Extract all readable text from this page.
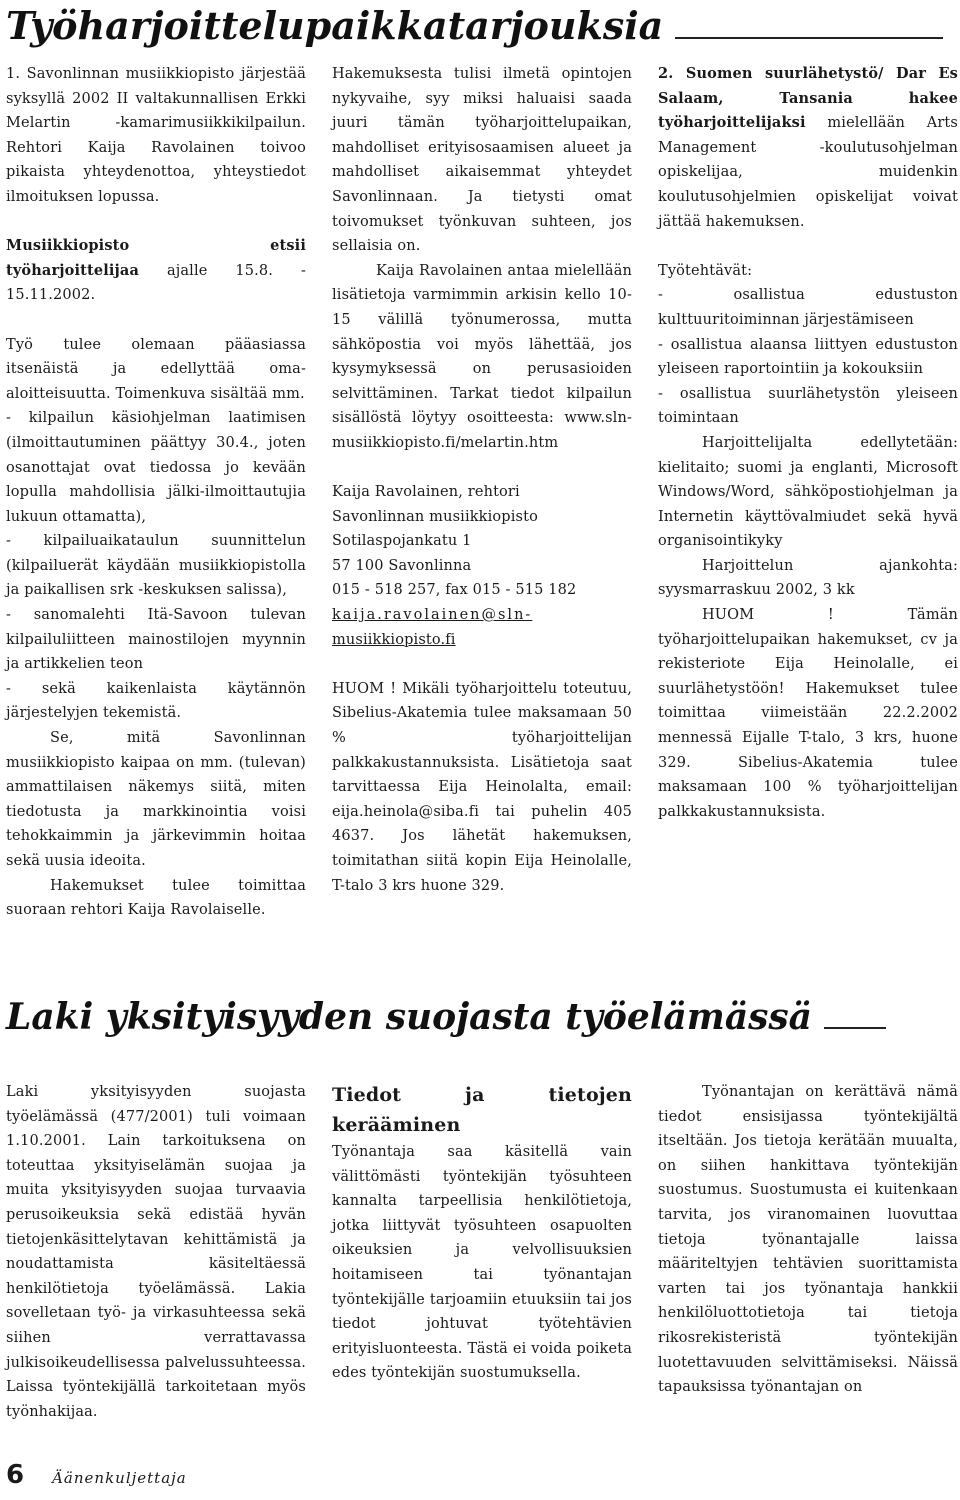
Työharjoittelupaikkatarjouksia

1. Savonlinnan musiikkiopisto järjestää syksyllä 2002 II valtakunnallisen Erkki Melartin -kamarimusiikkikilpailun. Rehtori Kaija Ravolainen toivoo pikaista yhteydenottoa, yhteystiedot ilmoituksen lopussa.

Musiikkiopisto etsii työharjoittelijaa ajalle 15.8. - 15.11.2002.

Työ tulee olemaan pääasiassa itsenäistä ja edellyttää oma-aloitteisuutta. Toimenkuva sisältää mm.

- kilpailun käsiohjelman laatimisen (ilmoittautuminen päättyy 30.4., joten osanottajat ovat tiedossa jo kevään lopulla mahdollisia jälki-ilmoittautujia lukuun ottamatta),

- kilpailuaikataulun suunnittelun (kilpailuerät käydään musiikkiopistolla ja paikallisen srk -keskuksen salissa),

- sanomalehti Itä-Savoon tulevan kilpailuliitteen mainostilojen myynnin ja artikkelien teon

- sekä kaikenlaista käytännön järjestelyjen tekemistä.

Se, mitä Savonlinnan musiikkiopisto kaipaa on mm. (tulevan) ammattilaisen näkemys siitä, miten tiedotusta ja markkinointia voisi tehokkaimmin ja järkevimmin hoitaa sekä uusia ideoita.

Hakemukset tulee toimittaa suoraan rehtori Kaija Ravolaiselle.

Hakemuksesta tulisi ilmetä opintojen nykyvaihe, syy miksi haluaisi saada juuri tämän työharjoittelupaikan, mahdolliset erityisosaamisen alueet ja mahdolliset aikaisemmat yhteydet Savonlinnaan. Ja tietysti omat toivomukset työnkuvan suhteen, jos sellaisia on.

Kaija Ravolainen antaa mielellään lisätietoja varmimmin arkisin kello 10-15 välillä työnumerossa, mutta sähköpostia voi myös lähettää, jos kysymyksessä on perusasioiden selvittäminen. Tarkat tiedot kilpailun sisällöstä löytyy osoitteesta: www.sln-musiikkiopisto.fi/melartin.htm

Kaija Ravolainen, rehtori

Savonlinnan musiikkiopisto

Sotilaspojankatu 1

57 100 Savonlinna

015 - 518 257, fax 015 - 515 182

kaija.ravolainen@sln-

musiikkiopisto.fi

HUOM ! Mikäli työharjoittelu toteutuu, Sibelius-Akatemia tulee maksamaan 50 % työharjoittelijan palkkakustannuksista. Lisätietoja saat tarvittaessa Eija Heinolalta, email: eija.heinola@siba.fi tai puhelin 405 4637. Jos lähetät hakemuksen, toimitathan siitä kopin Eija Heinolalle, T-talo 3 krs huone 329.

2. Suomen suurlähetystö/ Dar Es Salaam, Tansania hakee työharjoittelijaksi mielellään Arts Management -koulutusohjelman opiskelijaa, muidenkin koulutusohjelmien opiskelijat voivat jättää hakemuksen.

Työtehtävät:

- osallistua edustuston kulttuuritoiminnan järjestämiseen

- osallistua alaansa liittyen edustuston yleiseen raportointiin ja kokouksiin

- osallistua suurlähetystön yleiseen toimintaan

Harjoittelijalta edellytetään: kielitaito; suomi ja englanti, Microsoft Windows/Word, sähköpostiohjelman ja Internetin käyttövalmiudet sekä hyvä organisointikyky

Harjoittelun ajankohta: syysmarraskuu 2002, 3 kk

HUOM ! Tämän työharjoittelupaikan hakemukset, cv ja rekisteriote Eija Heinolalle, ei suurlähetystöön! Hakemukset tulee toimittaa viimeistään 22.2.2002 mennessä Eijalle T-talo, 3 krs, huone 329. Sibelius-Akatemia tulee maksamaan 100 % työharjoittelijan palkkakustannuksista.

Laki yksityisyyden suojasta työelämässä

Laki yksityisyyden suojasta työelämässä (477/2001) tuli voimaan 1.10.2001. Lain tarkoituksena on toteuttaa yksityiselämän suojaa ja muita yksityisyyden suojaa turvaavia perusoikeuksia sekä edistää hyvän tietojenkäsittelytavan kehittämistä ja noudattamista käsiteltäessä henkilötietoja työelämässä. Lakia sovelletaan työ- ja virkasuhteessa sekä siihen verrattavassa julkisoikeudellisessa palvelussuhteessa. Laissa työntekijällä tarkoitetaan myös työnhakijaa.

Tiedot ja tietojen kerääminen

Työnantaja saa käsitellä vain välittömästi työntekijän työsuhteen kannalta tarpeellisia henkilötietoja, jotka liittyvät työsuhteen osapuolten oikeuksien ja velvollisuuksien hoitamiseen tai työnantajan työntekijälle tarjoamiin etuuksiin tai jos tiedot johtuvat työtehtävien erityisluonteesta. Tästä ei voida poiketa edes työntekijän suostumuksella.

Työnantajan on kerättävä nämä tiedot ensisijassa työntekijältä itseltään. Jos tietoja kerätään muualta, on siihen hankittava työntekijän suostumus. Suostumusta ei kuitenkaan tarvita, jos viranomainen luovuttaa tietoja työnantajalle laissa määriteltyjen tehtävien suorittamista varten tai jos työnantaja hankkii henkilöluottotietoja tai tietoja rikosrekisteristä työntekijän luotettavuuden selvittämiseksi. Näissä tapauksissa työnantajan on

6 Äänenkuljettaja
